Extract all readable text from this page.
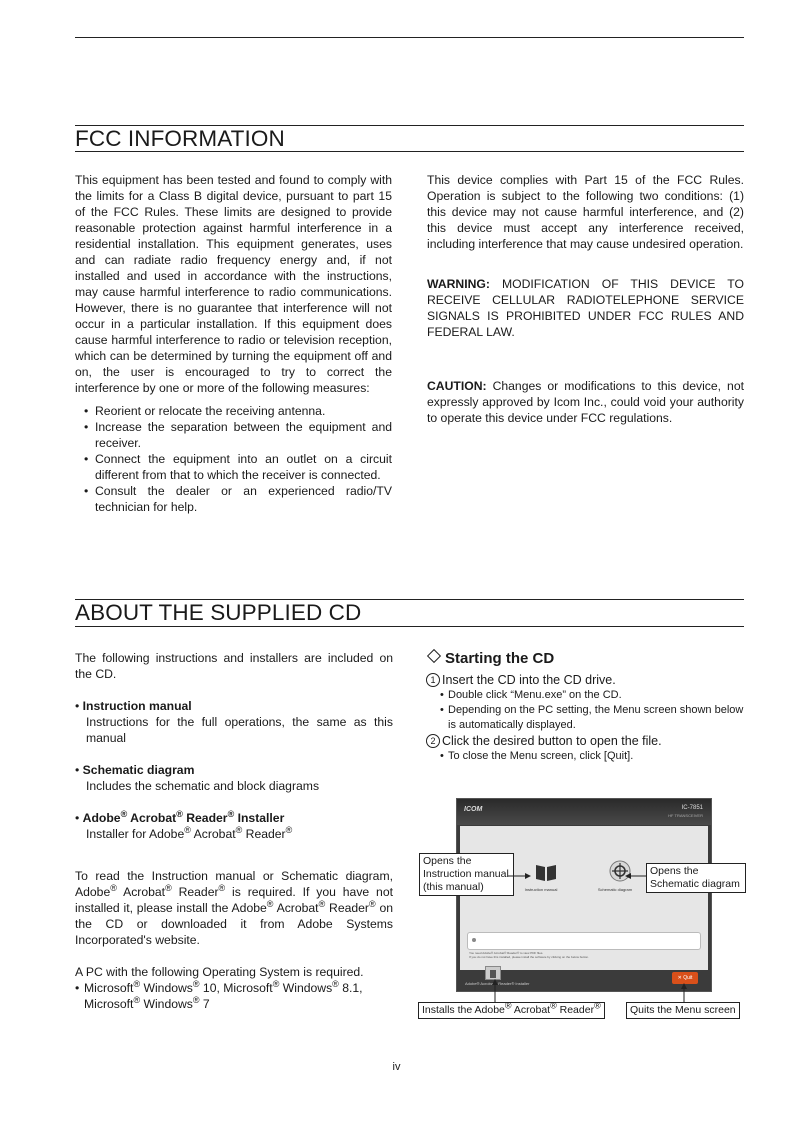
FCC INFORMATION

This equipment has been tested and found to comply with the limits for a Class B digital device, pursuant to part 15 of the FCC Rules. These limits are designed to provide reasonable protection against harmful interference in a residential installation. This equipment generates, uses and can radiate radio frequency energy and, if not installed and used in accordance with the instructions, may cause harmful interference to radio communications. However, there is no guarantee that interference will not occur in a particular installation. If this equipment does cause harmful interference to radio or television reception, which can be determined by turning the equipment off and on, the user is encouraged to try to correct the interference by one or more of the following measures:

• Reorient or relocate the receiving antenna.
• Increase the separation between the equipment and receiver.
• Connect the equipment into an outlet on a circuit different from that to which the receiver is connected.
• Consult the dealer or an experienced radio/TV technician for help.

This device complies with Part 15 of the FCC Rules. Operation is subject to the following two conditions: (1) this device may not cause harmful interference, and (2) this device must accept any interference received, including interference that may cause undesired operation.

WARNING: MODIFICATION OF THIS DEVICE TO RECEIVE CELLULAR RADIOTELEPHONE SERVICE SIGNALS IS PROHIBITED UNDER FCC RULES AND FEDERAL LAW.

CAUTION: Changes or modifications to this device, not expressly approved by Icom Inc., could void your authority to operate this device under FCC regulations.

ABOUT THE SUPPLIED CD

The following instructions and installers are included on the CD.

• Instruction manual
Instructions for the full operations, the same as this manual
• Schematic diagram
Includes the schematic and block diagrams
• Adobe® Acrobat® Reader® Installer
Installer for Adobe® Acrobat® Reader®

To read the Instruction manual or Schematic diagram, Adobe® Acrobat® Reader® is required. If you have not installed it, please install the Adobe® Acrobat® Reader® on the CD or downloaded it from Adobe Systems Incorporated's website.

A PC with the following Operating System is required.

• Microsoft® Windows® 10, Microsoft® Windows® 8.1, Microsoft® Windows® 7
Starting the CD
1 Insert the CD into the CD drive.
• Double click “Menu.exe” on the CD.
• Depending on the PC setting, the Menu screen shown below is automatically displayed.
2 Click the desired button to open the file.
• To close the Menu screen, click [Quit].
ICOM	IC-7851
HF TRANSCEIVER
Instruction manual	Schematic diagram
You need Adobe® Acrobat® Reader® to view PDF files.
If you do not have this installed, please install the software by clicking on the below button.
Adobe® Acrobat® Reader® Installer
✕ Quit
Opens the
Instruction manual
(this manual)
Opens the
Schematic diagram
Installs the Adobe® Acrobat® Reader®	Quits the Menu screen
iv
